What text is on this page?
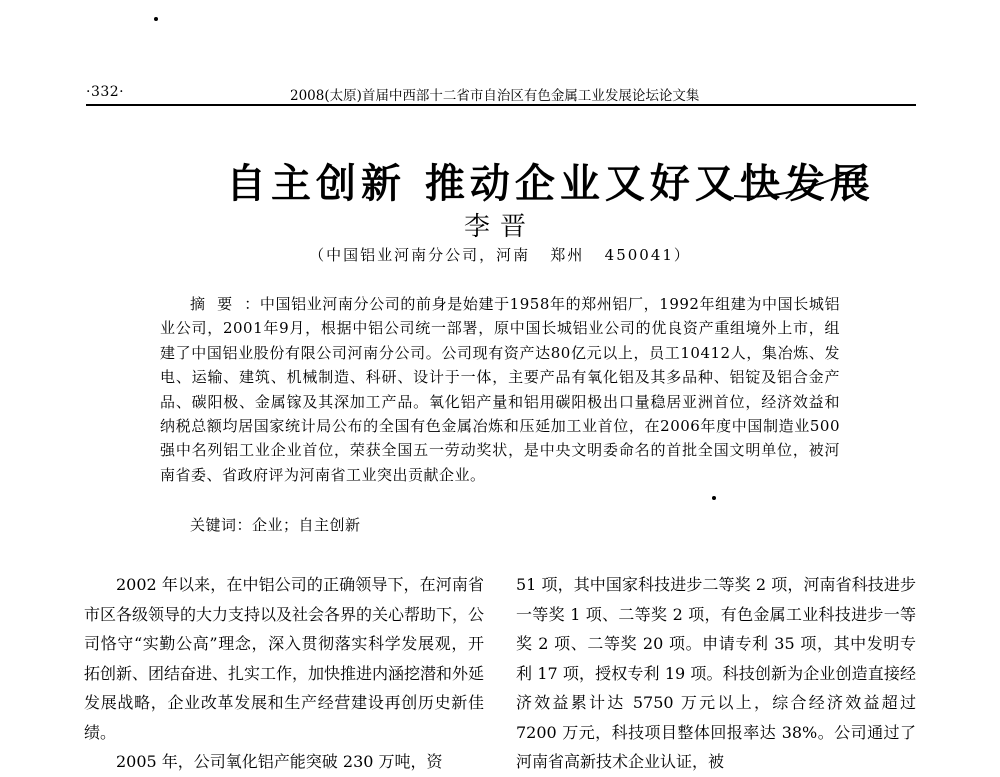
·332·	2008(太原)首届中西部十二省市自治区有色金属工业发展论坛论文集
自主创新 推动企业又好又快发展
李晋
（中国铝业河南分公司，河南   郑州   450041）
摘要：中国铝业河南分公司的前身是始建于1958年的郑州铝厂，1992年组建为中国长城铝业公司，2001年9月，根据中铝公司统一部署，原中国长城铝业公司的优良资产重组境外上市，组建了中国铝业股份有限公司河南分公司。公司现有资产达80亿元以上，员工10412人，集冶炼、发电、运输、建筑、机械制造、科研、设计于一体，主要产品有氧化铝及其多品种、铝锭及铝合金产品、碳阳极、金属镓及其深加工产品。氧化铝产量和铝用碳阳极出口量稳居亚洲首位，经济效益和纳税总额均居国家统计局公布的全国有色金属冶炼和压延加工业首位，在2006年度中国制造业500强中名列铝工业企业首位，荣获全国五一劳动奖状，是中央文明委命名的首批全国文明单位，被河南省委、省政府评为河南省工业突出贡献企业。
关键词：企业；自主创新

2002 年以来，在中铝公司的正确领导下，在河南省市区各级领导的大力支持以及社会各界的关心帮助下，公司恪守“实勤公高”理念，深入贯彻落实科学发展观，开拓创新、团结奋进、扎实工作，加快推进内涵挖潜和外延发展战略，企业改革发展和生产经营建设再创历史新佳绩。

2005 年，公司氧化铝产能突破 230 万吨，资

51 项，其中国家科技进步二等奖 2 项，河南省科技进步一等奖 1 项、二等奖 2 项，有色金属工业科技进步一等奖 2 项、二等奖 20 项。申请专利 35 项，其中发明专利 17 项，授权专利 19 项。科技创新为企业创造直接经济效益累计达 5750 万元以上，综合经济效益超过 7200 万元，科技项目整体回报率达 38%。公司通过了河南省高新技术企业认证，被
